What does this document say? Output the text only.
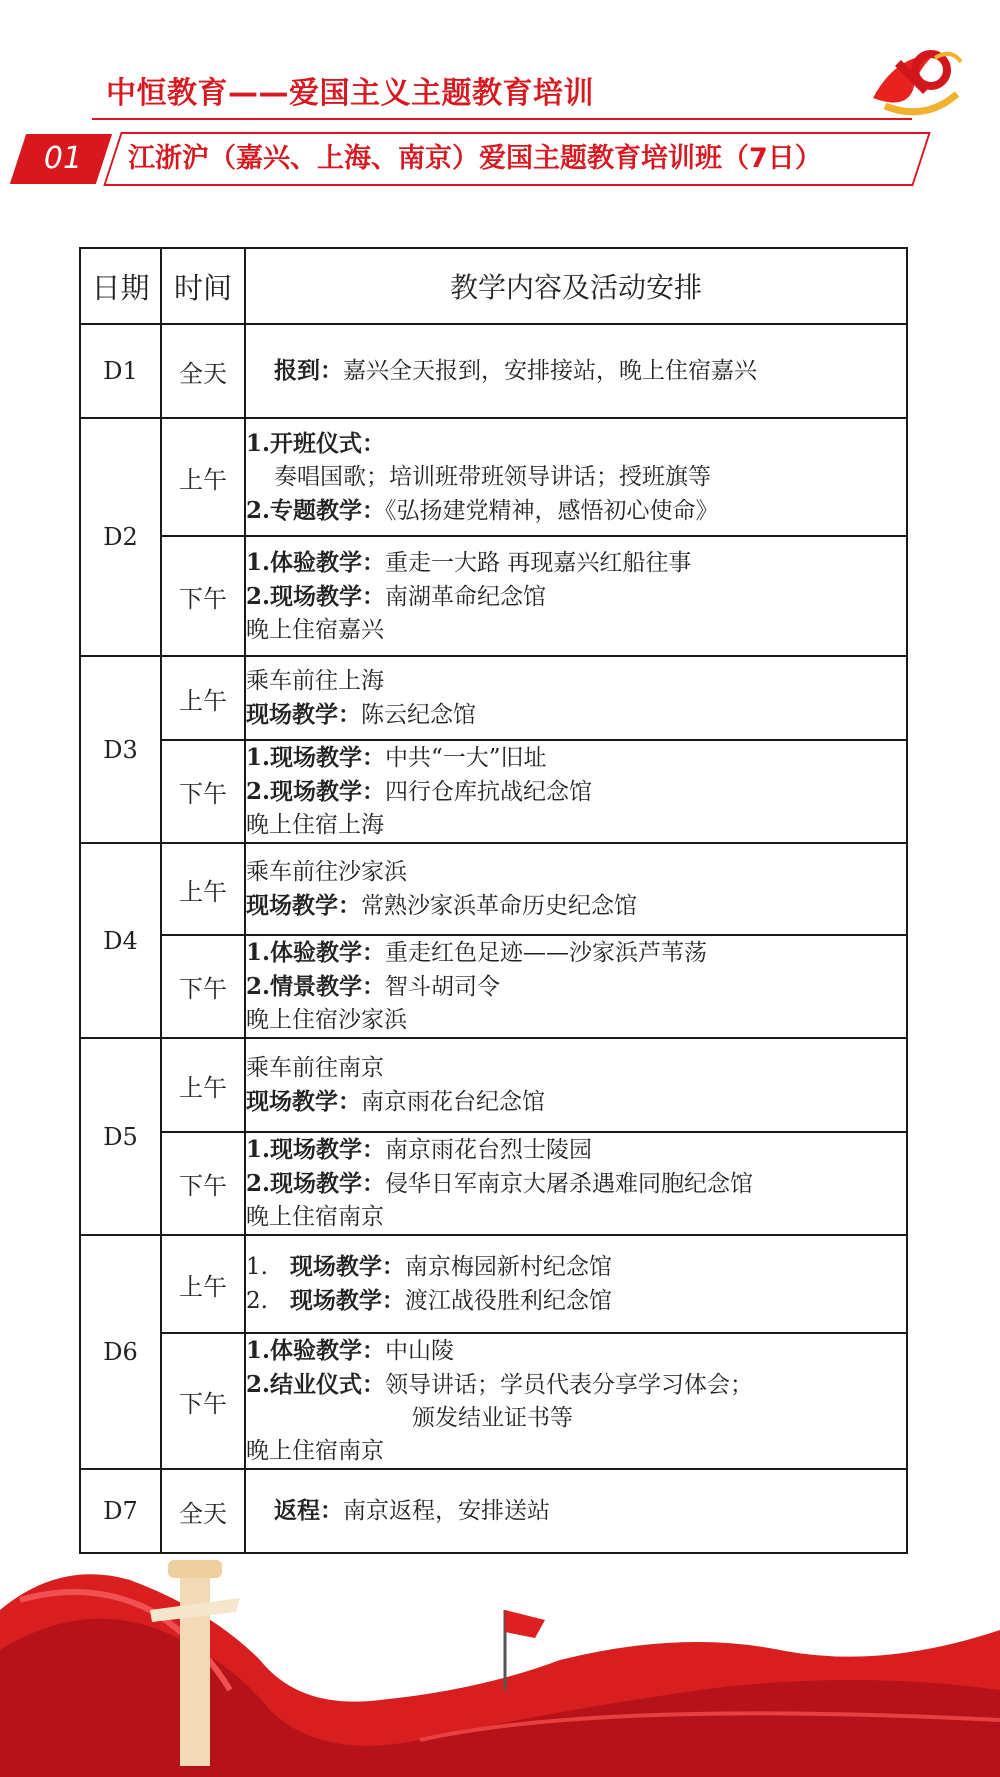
中恒教育——爱国主义主题教育培训
01	江浙沪（嘉兴、上海、南京）爱国主题教育培训班（7日）
日期	时间	教学内容及活动安排
D1	全天	报到：嘉兴全天报到，安排接站，晚上住宿嘉兴
D2	上午	1.开班仪式：
奏唱国歌；培训班带班领导讲话；授班旗等
2.专题教学：《弘扬建党精神，感悟初心使命》

	下午	1.体验教学：重走一大路 再现嘉兴红船往事
2.现场教学：南湖革命纪念馆
晚上住宿嘉兴

D3	上午	乘车前往上海
现场教学：陈云纪念馆

	下午	1.现场教学：中共“一大”旧址
2.现场教学：四行仓库抗战纪念馆
晚上住宿上海

D4	上午	乘车前往沙家浜
现场教学：常熟沙家浜革命历史纪念馆

	下午	1.体验教学：重走红色足迹——沙家浜芦苇荡
2.情景教学：智斗胡司令
晚上住宿沙家浜

D5	上午	乘车前往南京
现场教学：南京雨花台纪念馆

	下午	1.现场教学：南京雨花台烈士陵园
2.现场教学：侵华日军南京大屠杀遇难同胞纪念馆
晚上住宿南京

D6	上午	1. 现场教学：南京梅园新村纪念馆
2. 现场教学：渡江战役胜利纪念馆

	下午	1.体验教学：中山陵
2.结业仪式：领导讲话；学员代表分享学习体会；
颁发结业证书等
晚上住宿南京

D7	全天	返程：南京返程，安排送站
